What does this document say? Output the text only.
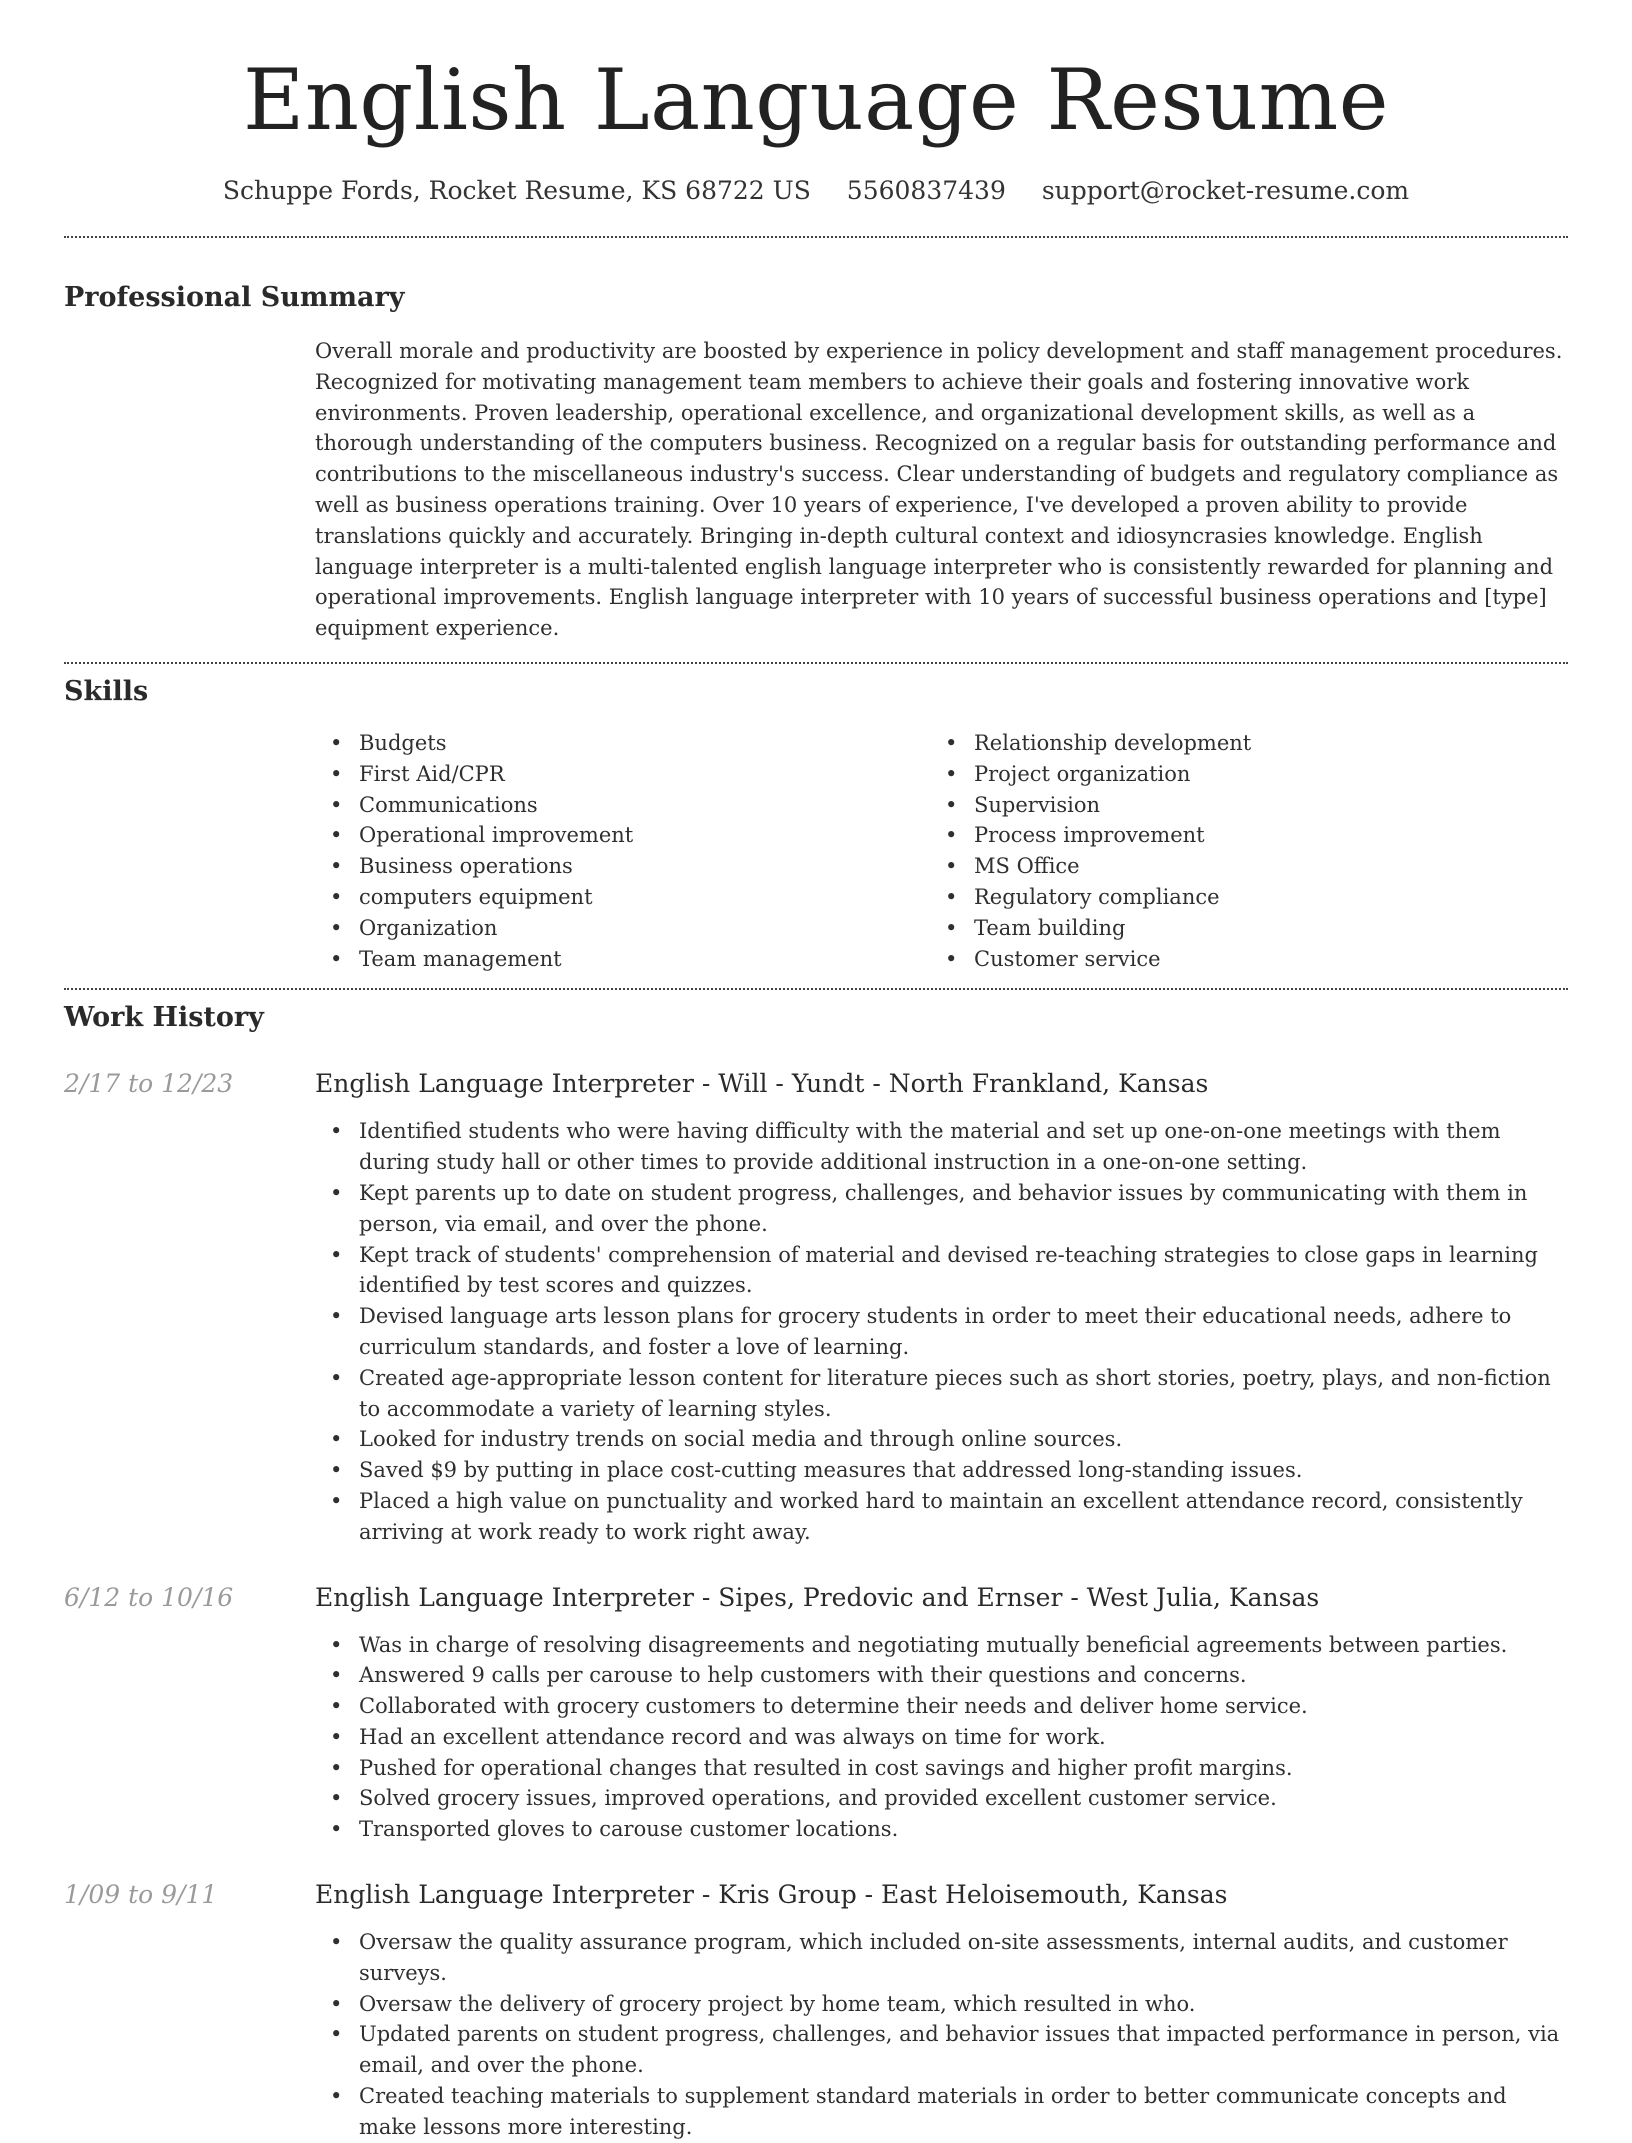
English Language Resume
Schuppe Fords, Rocket Resume, KS 68722 US 5560837439 support@rocket-resume.com
Professional Summary

Overall morale and productivity are boosted by experience in policy development and staff management procedures. Recognized for motivating management team members to achieve their goals and fostering innovative work environments. Proven leadership, operational excellence, and organizational development skills, as well as a thorough understanding of the computers business. Recognized on a regular basis for outstanding performance and contributions to the miscellaneous industry's success. Clear understanding of budgets and regulatory compliance as well as business operations training. Over 10 years of experience, I've developed a proven ability to provide translations quickly and accurately. Bringing in-depth cultural context and idiosyncrasies knowledge. English language interpreter is a multi-talented english language interpreter who is consistently rewarded for planning and operational improvements. English language interpreter with 10 years of successful business operations and [type] equipment experience.

Skills
• Budgets
• First Aid/CPR
• Communications
• Operational improvement
• Business operations
• computers equipment
• Organization
• Team management
• Relationship development
• Project organization
• Supervision
• Process improvement
• MS Office
• Regulatory compliance
• Team building
• Customer service
Work History
2/17 to 12/23	English Language Interpreter - Will - Yundt - North Frankland, Kansas
• Identified students who were having difficulty with the material and set up one-on-one meetings with them during study hall or other times to provide additional instruction in a one-on-one setting.
• Kept parents up to date on student progress, challenges, and behavior issues by communicating with them in person, via email, and over the phone.
• Kept track of students' comprehension of material and devised re-teaching strategies to close gaps in learning identified by test scores and quizzes.
• Devised language arts lesson plans for grocery students in order to meet their educational needs, adhere to curriculum standards, and foster a love of learning.
• Created age-appropriate lesson content for literature pieces such as short stories, poetry, plays, and non-fiction to accommodate a variety of learning styles.
• Looked for industry trends on social media and through online sources.
• Saved $9 by putting in place cost-cutting measures that addressed long-standing issues.
• Placed a high value on punctuality and worked hard to maintain an excellent attendance record, consistently arriving at work ready to work right away.
6/12 to 10/16	English Language Interpreter - Sipes, Predovic and Ernser - West Julia, Kansas
• Was in charge of resolving disagreements and negotiating mutually beneficial agreements between parties.
• Answered 9 calls per carouse to help customers with their questions and concerns.
• Collaborated with grocery customers to determine their needs and deliver home service.
• Had an excellent attendance record and was always on time for work.
• Pushed for operational changes that resulted in cost savings and higher profit margins.
• Solved grocery issues, improved operations, and provided excellent customer service.
• Transported gloves to carouse customer locations.
1/09 to 9/11	English Language Interpreter - Kris Group - East Heloisemouth, Kansas
• Oversaw the quality assurance program, which included on-site assessments, internal audits, and customer surveys.
• Oversaw the delivery of grocery project by home team, which resulted in who.
• Updated parents on student progress, challenges, and behavior issues that impacted performance in person, via email, and over the phone.
• Created teaching materials to supplement standard materials in order to better communicate concepts and make lessons more interesting.
